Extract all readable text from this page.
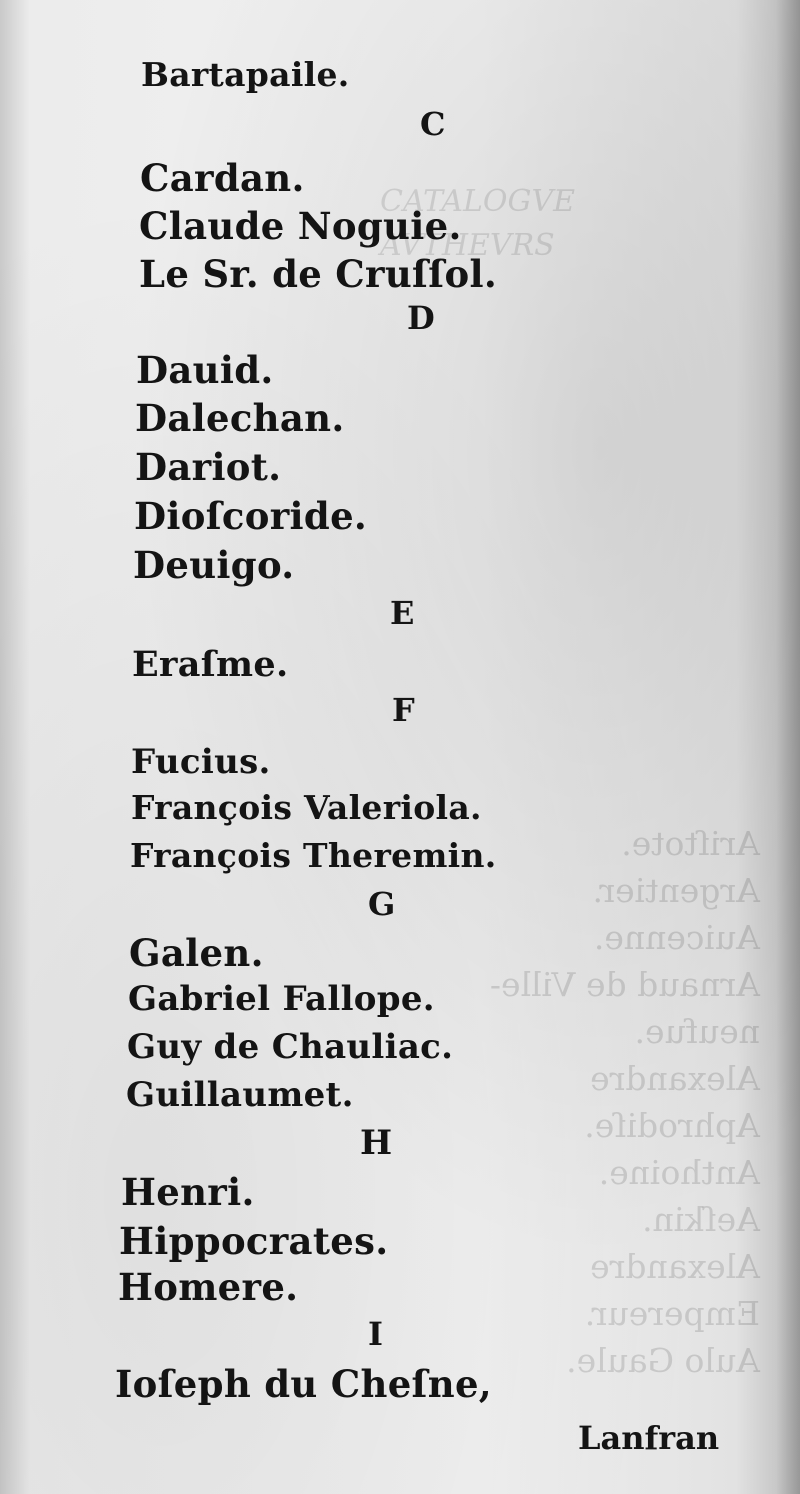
CATALOGVE
AVTHEVRS
Ariſtote.
Argentier.
Auicenne.
Arnaud de Ville-neufue.
Alexandre Aphrodiſe.
Anthoine.
Aeſkin.
Alexandre Empereur.
Aulo Gaule.
Bartapaile.
C
Cardan.
Claude Noguie.
Le Sr. de Cruſſol.
D
Dauid.
Dalechan.
Dariot.
Dioſcoride.
Deuigo.
E
Eraſme.
F
Fucius.
François Valeriola.
François Theremin.
G
Galen.
Gabriel Fallope.
Guy de Chauliac.
Guillaumet.
H
Henri.
Hippocrates.
Homere.
I
Ioſeph du Cheſne,
Lanfran
